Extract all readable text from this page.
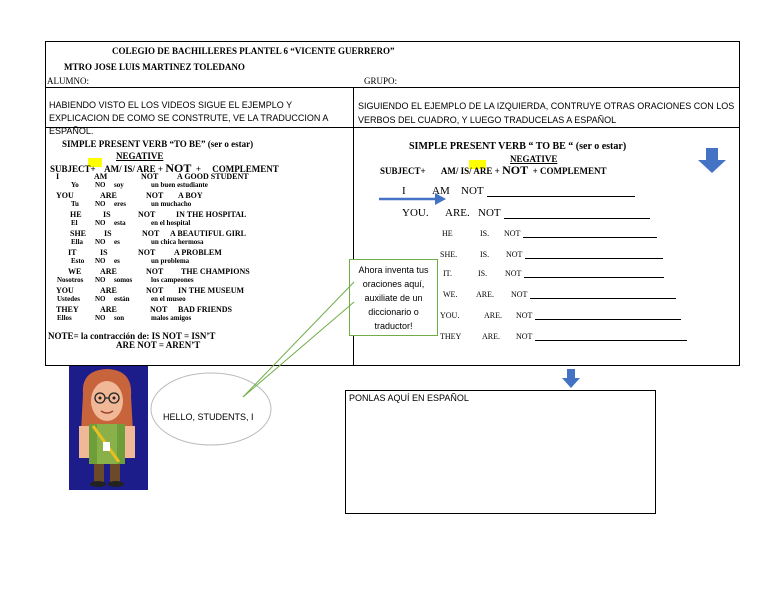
COLEGIO DE BACHILLERES PLANTEL 6 “VICENTE GUERRERO”
MTRO JOSE LUIS MARTINEZ TOLEDANO
ALUMNO:	GRUPO:
HABIENDO VISTO EL LOS VIDEOS SIGUE EL EJEMPLO Y EXPLICACION DE COMO SE CONSTRUTE, VE LA TRADUCCION A ESPAÑOL.
SIGUIENDO EL EJEMPLO DE LA IZQUIERDA, CONTRUYE OTRAS ORACIONES CON LOS VERBOS DEL CUADRO, Y LUEGO TRADUCELAS A ESPAÑOL
SIMPLE PRESENT VERB “TO BE” (ser o estar)
NEGATIVE
SUBJECT+ AM/ IS/ ARE + NOT + COMPLEMENT
I	AM	NOT A GOOD STUDENT
Yo NO soy	un buen estudiante
YOU	ARE	NOT A BOY
Tu NO eres	un muchacho
HE	IS	NOT	IN THE HOSPITAL
El NO esta	en el hospital
SHE IS	NOT A BEAUTIFUL GIRL
Ella NO es	un chica hermosa
IT	IS	NOT A PROBLEM
Esto NO es	un problema
WE ARE	NOT THE CHAMPIONS
Nosotros NO somos	los campeones
YOU	ARE	NOT IN THE MUSEUM
Ustedes NO están	en el museo
THEY	ARE	NOT BAD FRIENDS
Ellos	NO son	malos amigos
NOTE= la contracción de: IS NOT = ISN’T
ARE NOT = AREN’T
SIMPLE PRESENT VERB “ TO BE “ (ser o estar)
NEGATIVE
SUBJECT+ AM/ IS/ ARE + NOT + COMPLEMENT
I AM NOT
YOU. ARE. NOT
HE	IS. NOT
SHE.	IS. NOT
IT.	IS. NOT
WE. ARE. NOT
YOU.	ARE. NOT
THEY	ARE. NOT
Ahora inventa tus oraciones aquí, auxiliate de un diccionario o traductor!
HELLO, STUDENTS, I
PONLAS AQUÍ EN ESPAÑOL
